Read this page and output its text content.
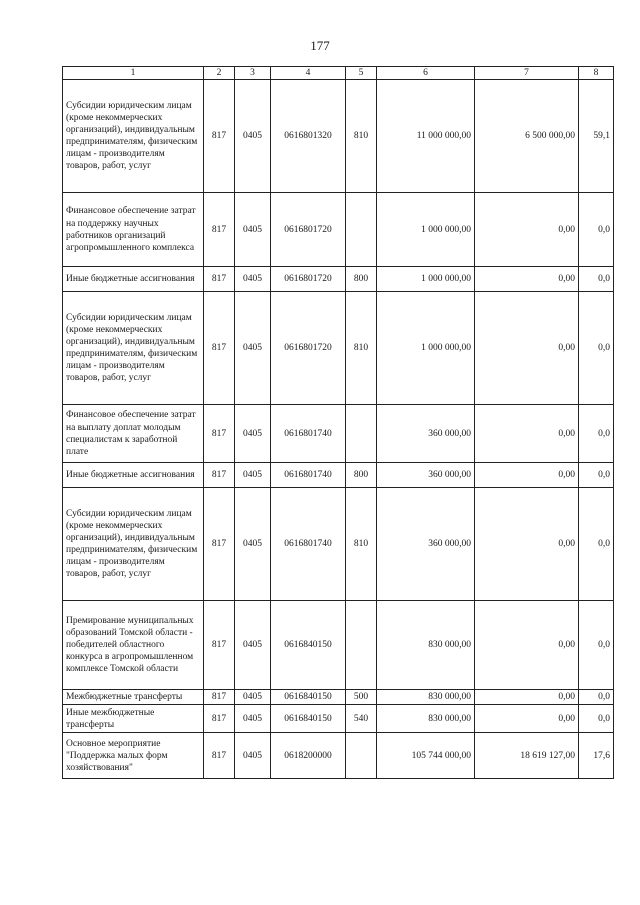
177
1	2	3	4	5	6	7	8
Субсидии юридическим лицам (кроме некоммерческих организаций), индивидуальным предпринимателям, физическим лицам - производителям товаров, работ, услуг	817	0405	0616801320	810	11 000 000,00	6 500 000,00	59,1
Финансовое обеспечение затрат на поддержку научных работников организаций агропромышленного комплекса	817	0405	0616801720		1 000 000,00	0,00	0,0
Иные бюджетные ассигнования	817	0405	0616801720	800	1 000 000,00	0,00	0,0
Субсидии юридическим лицам (кроме некоммерческих организаций), индивидуальным предпринимателям, физическим лицам - производителям товаров, работ, услуг	817	0405	0616801720	810	1 000 000,00	0,00	0,0
Финансовое обеспечение затрат на выплату доплат молодым специалистам к заработной плате	817	0405	0616801740		360 000,00	0,00	0,0
Иные бюджетные ассигнования	817	0405	0616801740	800	360 000,00	0,00	0,0
Субсидии юридическим лицам (кроме некоммерческих организаций), индивидуальным предпринимателям, физическим лицам - производителям товаров, работ, услуг	817	0405	0616801740	810	360 000,00	0,00	0,0
Премирование муниципальных образований Томской области - победителей областного конкурса в агропромышленном комплексе Томской области	817	0405	0616840150		830 000,00	0,00	0,0
Межбюджетные трансферты	817	0405	0616840150	500	830 000,00	0,00	0,0
Иные межбюджетные трансферты	817	0405	0616840150	540	830 000,00	0,00	0,0
Основное мероприятие "Поддержка малых форм хозяйствования"	817	0405	0618200000		105 744 000,00	18 619 127,00	17,6
